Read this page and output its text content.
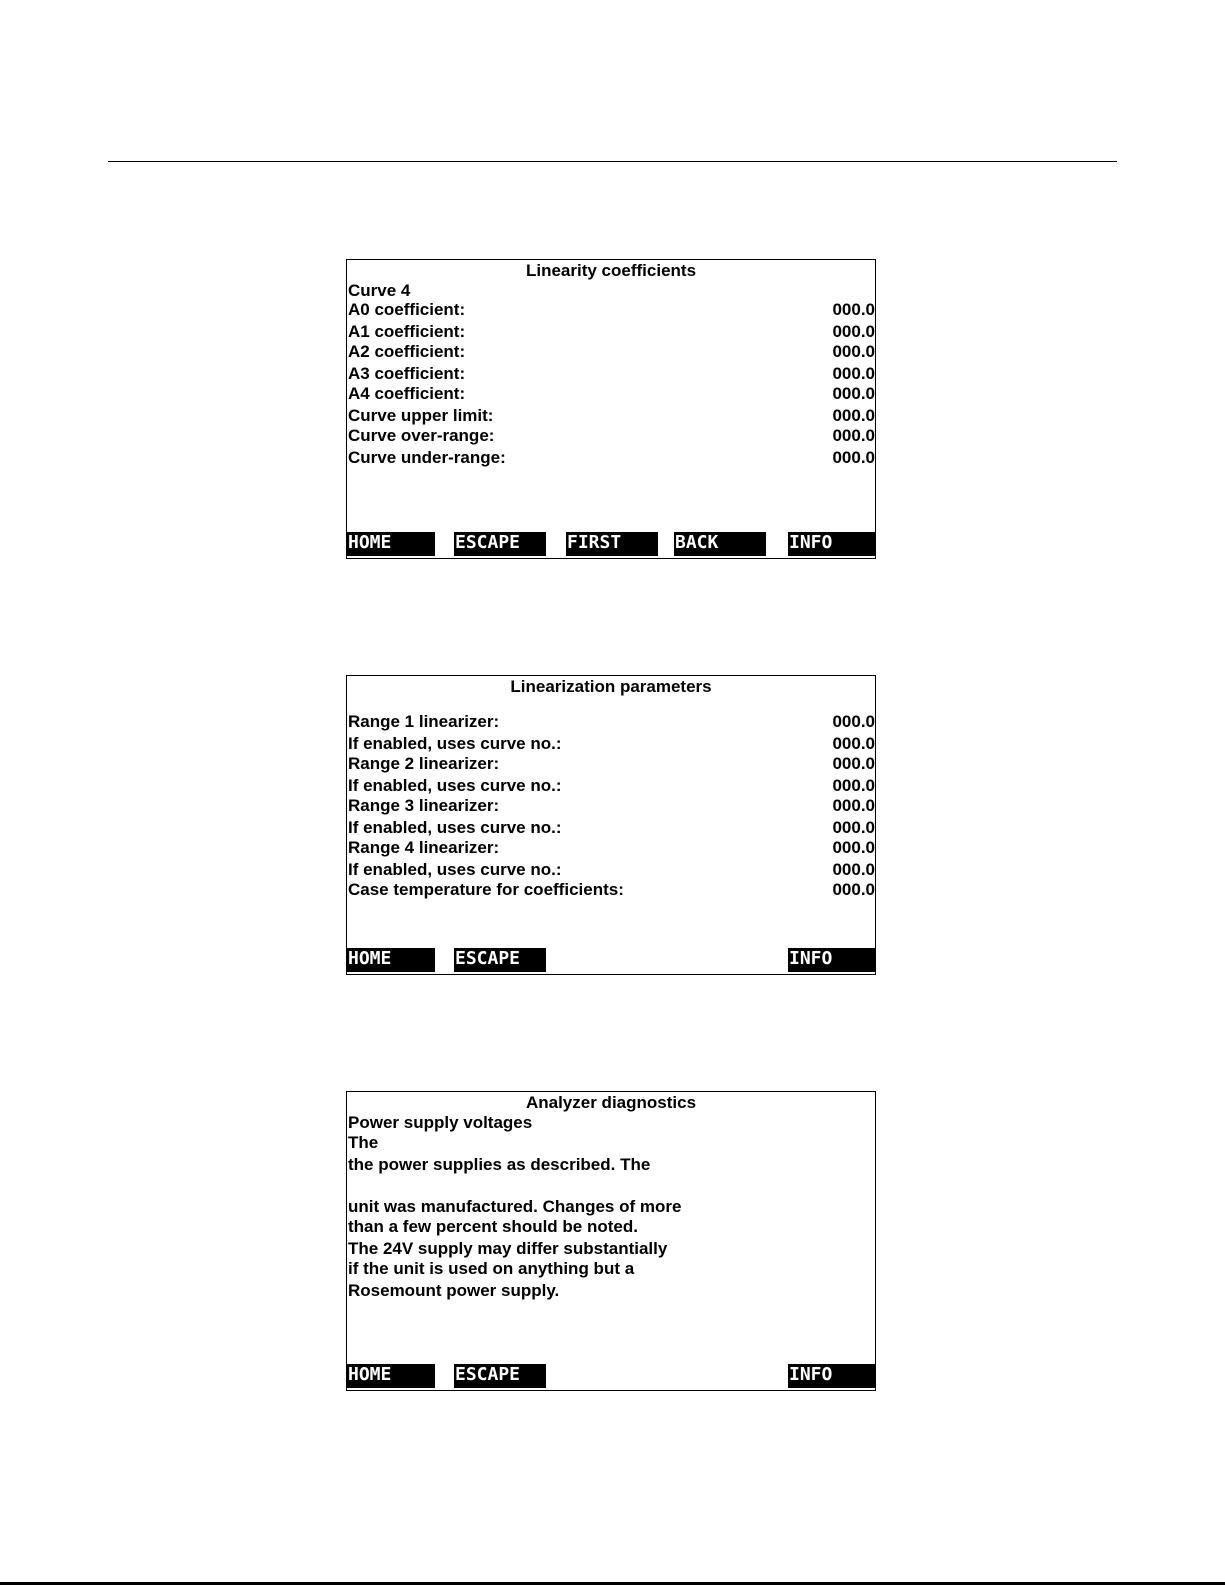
Linearity coefficients
Curve 4
A0 coefficient:	000.0
A1 coefficient:	000.0
A2 coefficient:	000.0
A3 coefficient:	000.0
A4 coefficient:	000.0
Curve upper limit:	000.0
Curve over-range:	000.0
Curve under-range:	000.0
HOME	ESCAPE	FIRST	BACK	INFO
Linearization parameters
Range 1 linearizer:	000.0
If enabled, uses curve no.:	000.0
Range 2 linearizer:	000.0
If enabled, uses curve no.:	000.0
Range 3 linearizer:	000.0
If enabled, uses curve no.:	000.0
Range 4 linearizer:	000.0
If enabled, uses curve no.:	000.0
Case temperature for coefficients:	000.0
HOME	ESCAPE	INFO
Analyzer diagnostics
Power supply voltages
The
the power supplies as described. The
unit was manufactured. Changes of more
than a few percent should be noted.
The 24V supply may differ substantially
if the unit is used on anything but a
Rosemount power supply.
HOME	ESCAPE	INFO
